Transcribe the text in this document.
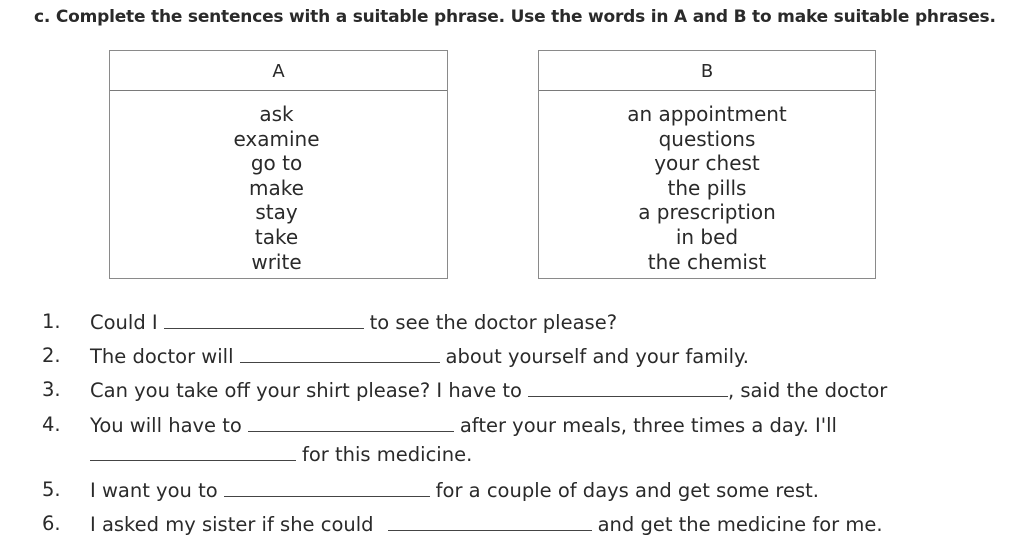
c. Complete the sentences with a suitable phrase. Use the words in A and B to make suitable phrases.
A
ask
examine
go to
make
stay
take
write
B
an appointment
questions
your chest
the pills
a prescription
in bed
the chemist
1.	Could I	to see the doctor please?
2.	The doctor will	about yourself and your family.
3.	Can you take off your shirt please? I have to	, said the doctor
4.	You will have to	after your meals, three times a day. I'll
for this medicine.
5.	I want you to	for a couple of days and get some rest.
6.	I asked my sister if she could	and get the medicine for me.
